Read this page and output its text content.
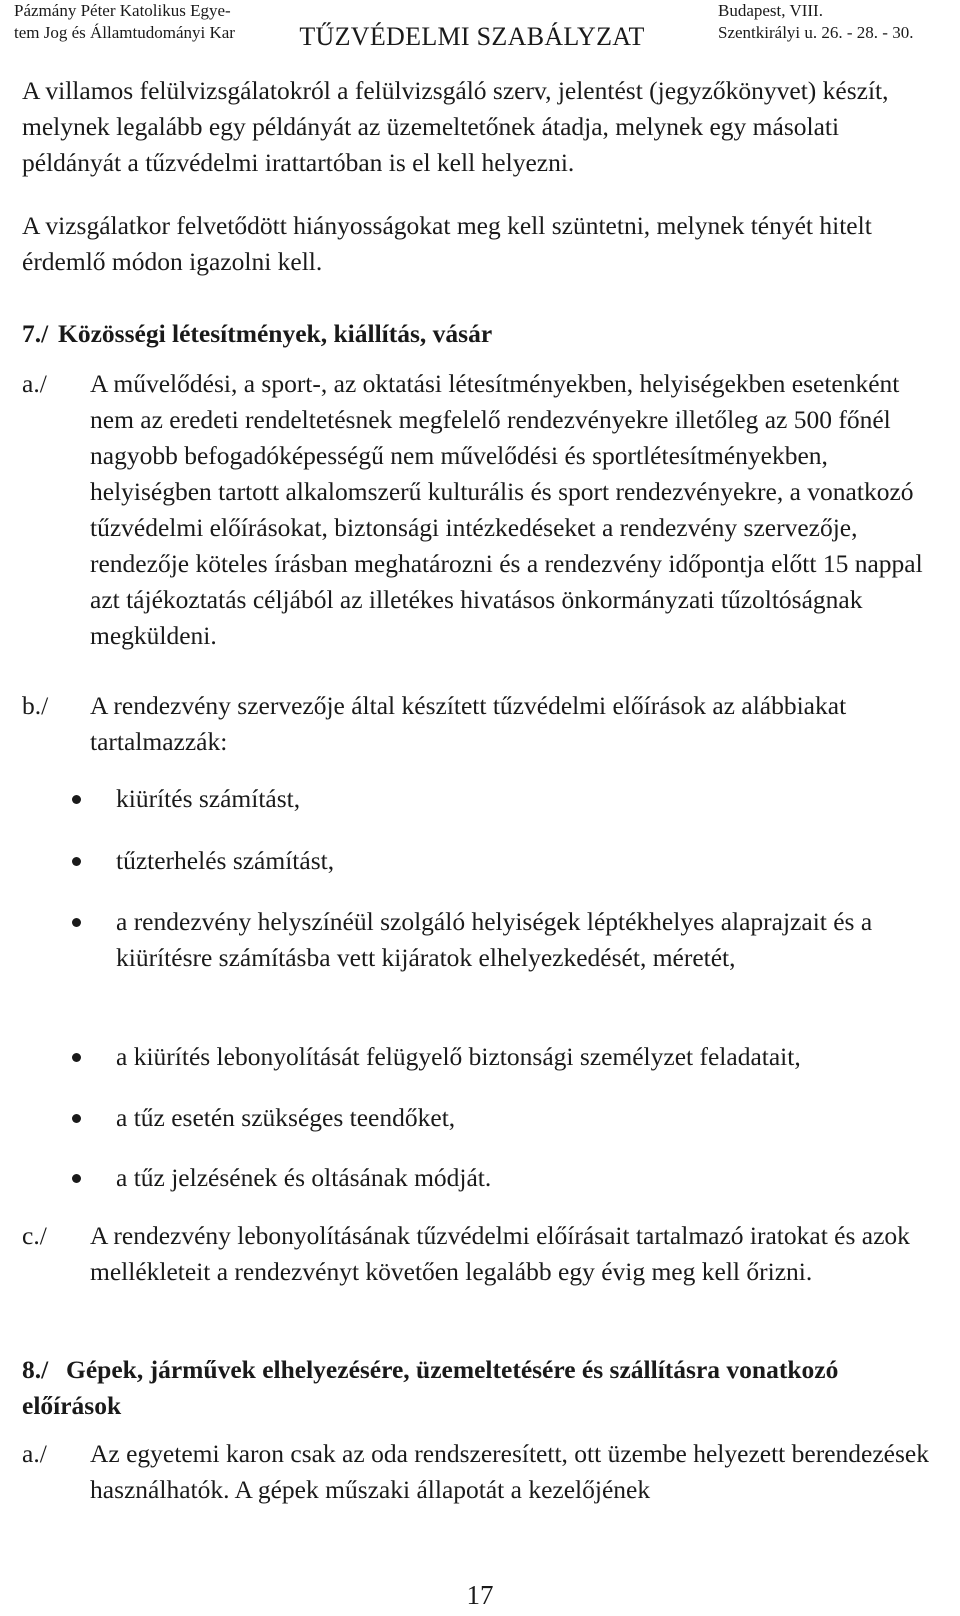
Pázmány Péter Katolikus Egye-
tem Jog és Államtudományi Kar	TŰZVÉDELMI SZABÁLYZAT
Budapest, VIII.
Szentkirályi u. 26. - 28. - 30.

A villamos felülvizsgálatokról a felülvizsgáló szerv, jelentést (jegyzőkönyvet) készít, melynek legalább egy példányát az üzemeltetőnek átadja, melynek egy másolati példányát a tűzvédelmi irattartóban is el kell helyezni.

A vizsgálatkor felvetődött hiányosságokat meg kell szüntetni, melynek tényét hitelt érdemlő módon igazolni kell.

7./ Közösségi létesítmények, kiállítás, vásár
a./ A művelődési, a sport-, az oktatási létesítményekben, helyiségekben esetenként nem az eredeti rendeltetésnek megfelelő rendezvényekre illetőleg az 500 főnél nagyobb befogadóképességű nem művelődési és sportlétesítményekben, helyiségben tartott alkalomszerű kulturális és sport rendezvényekre, a vonatkozó tűzvédelmi előírásokat, biztonsági intézkedéseket a rendezvény szervezője, rendezője köteles írásban meghatározni és a rendezvény időpontja előtt 15 nappal azt tájékoztatás céljából az illetékes hivatásos önkormányzati tűzoltóságnak megküldeni.
b./ A rendezvény szervezője által készített tűzvédelmi előírások az alábbiakat tartalmazzák:
kiürítés számítást,
tűzterhelés számítást,
a rendezvény helyszínéül szolgáló helyiségek léptékhelyes alaprajzait és a kiürítésre számításba vett kijáratok elhelyezkedését, méretét,
a kiürítés lebonyolítását felügyelő biztonsági személyzet feladatait,
a tűz esetén szükséges teendőket,
a tűz jelzésének és oltásának módját.
c./ A rendezvény lebonyolításának tűzvédelmi előírásait tartalmazó iratokat és azok mellékleteit a rendezvényt követően legalább egy évig meg kell őrizni.
8./ Gépek, járművek elhelyezésére, üzemeltetésére és szállításra vonatkozó előírások
a./ Az egyetemi karon csak az oda rendszeresített, ott üzembe helyezett berendezések használhatók. A gépek műszaki állapotát a kezelőjének
17
